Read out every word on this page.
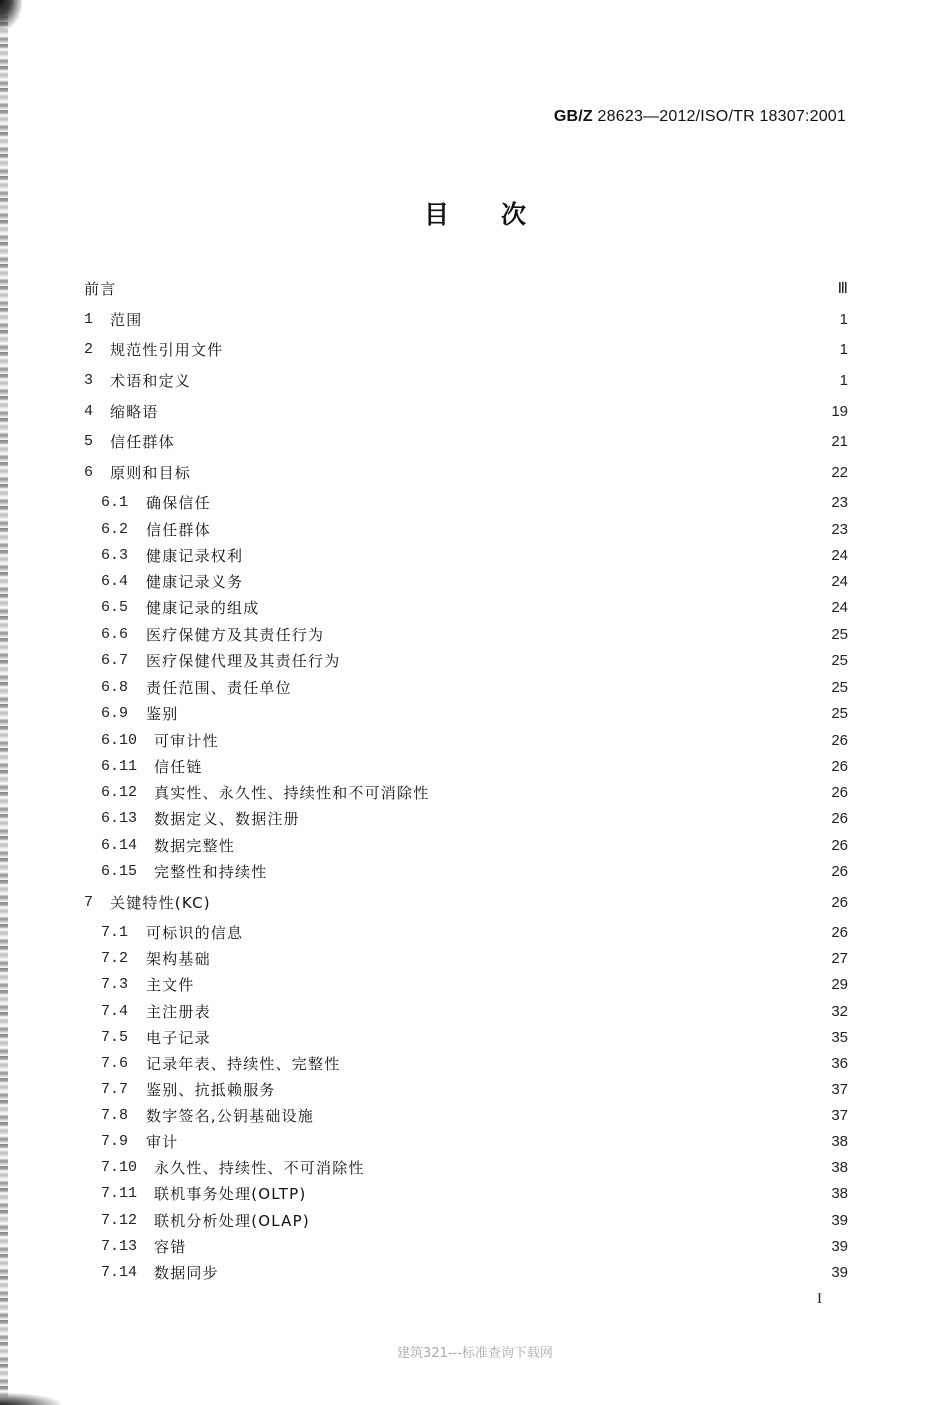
GB/Z 28623—2012/ISO/TR 18307:2001
目次
前言	Ⅲ
1	范围	1
2	规范性引用文件	1
3	术语和定义	1
4	缩略语	19
5	信任群体	21
6	原则和目标	22
6.1	确保信任	23
6.2	信任群体	23
6.3	健康记录权利	24
6.4	健康记录义务	24
6.5	健康记录的组成	24
6.6	医疗保健方及其责任行为	25
6.7	医疗保健代理及其责任行为	25
6.8	责任范围、责任单位	25
6.9	鉴别	25
6.10	可审计性	26
6.11	信任链	26
6.12	真实性、永久性、持续性和不可消除性	26
6.13	数据定义、数据注册	26
6.14	数据完整性	26
6.15	完整性和持续性	26
7	关键特性(KC)	26
7.1	可标识的信息	26
7.2	架构基础	27
7.3	主文件	29
7.4	主注册表	32
7.5	电子记录	35
7.6	记录年表、持续性、完整性	36
7.7	鉴别、抗抵赖服务	37
7.8	数字签名,公钥基础设施	37
7.9	审计	38
7.10	永久性、持续性、不可消除性	38
7.11	联机事务处理(OLTP)	38
7.12	联机分析处理(OLAP)	39
7.13	容错	39
7.14	数据同步	39
I
建筑321---标准查询下载网
